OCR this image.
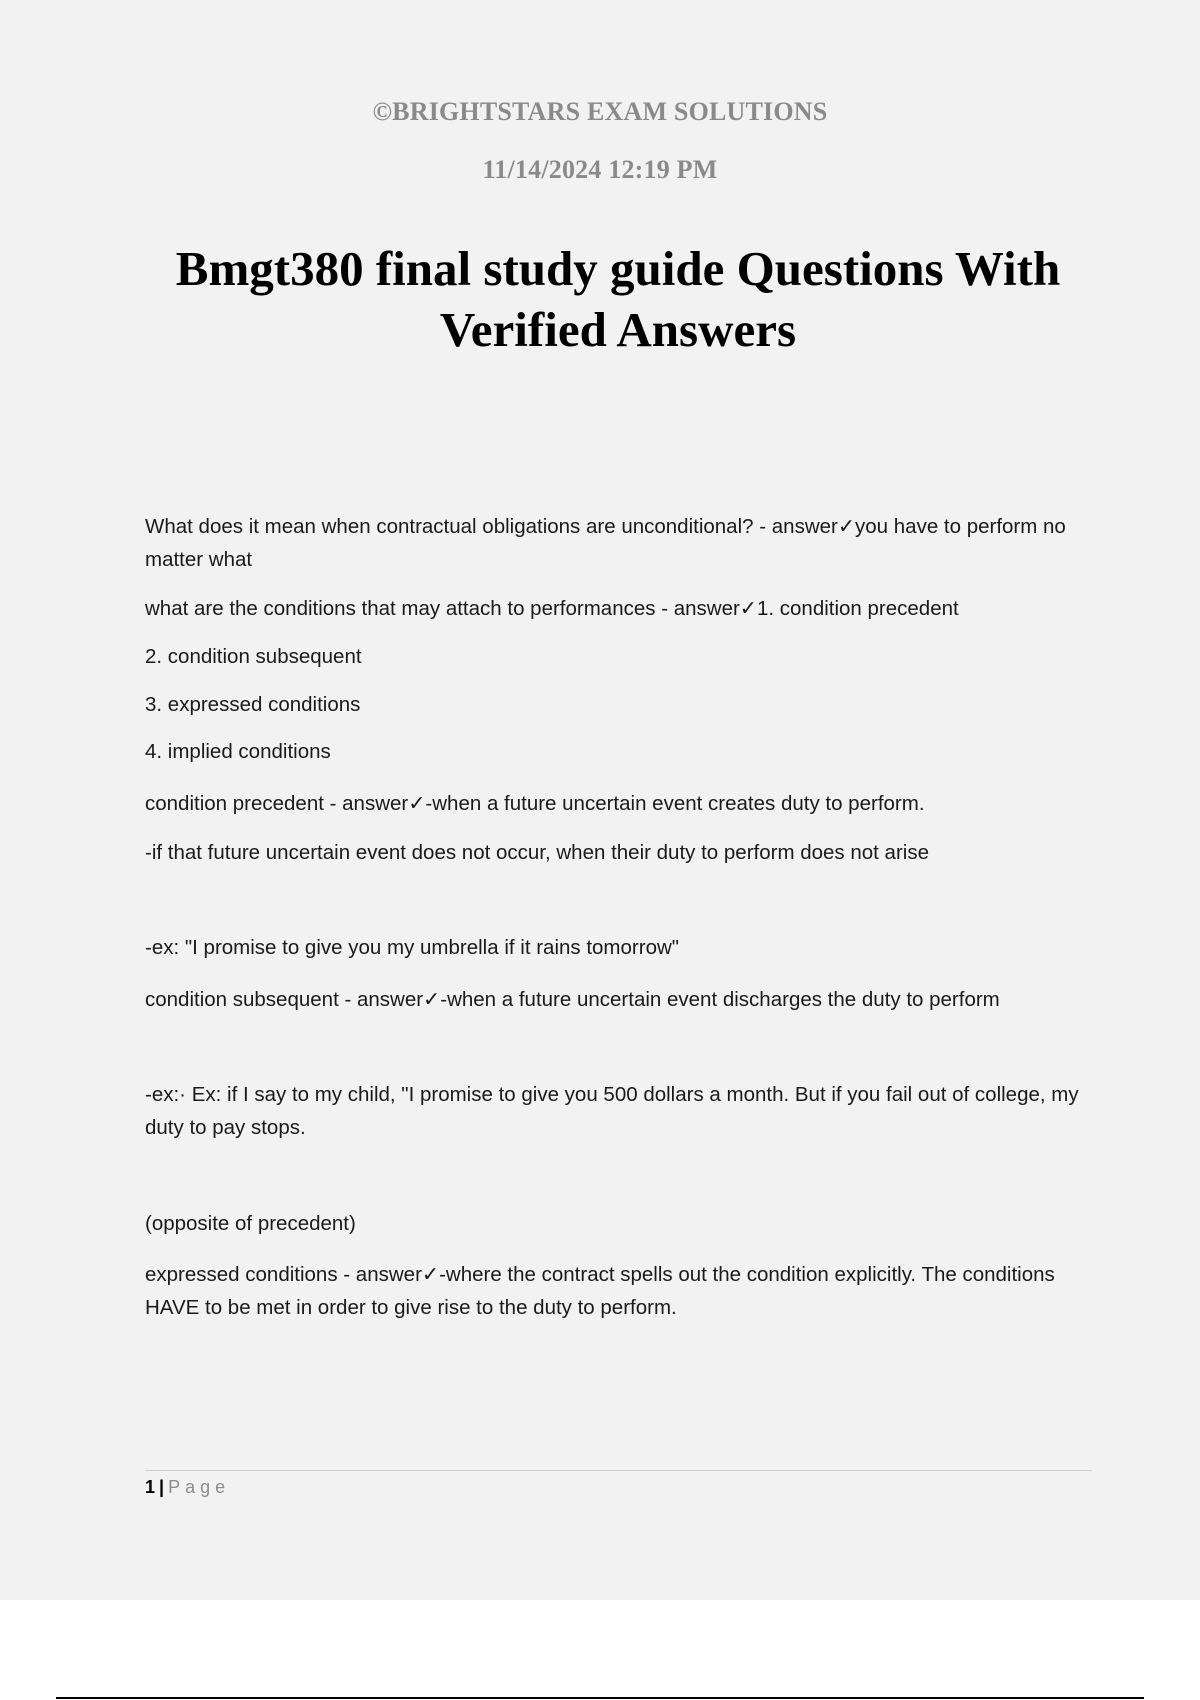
©BRIGHTSTARS EXAM SOLUTIONS
11/14/2024 12:19 PM
Bmgt380 final study guide Questions With Verified Answers

What does it mean when contractual obligations are unconditional? - answer✓you have to perform no matter what

what are the conditions that may attach to performances - answer✓1. condition precedent

2. condition subsequent

3. expressed conditions

4. implied conditions

condition precedent - answer✓-when a future uncertain event creates duty to perform.

-if that future uncertain event does not occur, when their duty to perform does not arise

-ex: "I promise to give you my umbrella if it rains tomorrow"

condition subsequent - answer✓-when a future uncertain event discharges the duty to perform

-ex:· Ex: if I say to my child, "I promise to give you 500 dollars a month. But if you fail out of college, my duty to pay stops.

(opposite of precedent)

expressed conditions - answer✓-where the contract spells out the condition explicitly. The conditions HAVE to be met in order to give rise to the duty to perform.

1 | Page
